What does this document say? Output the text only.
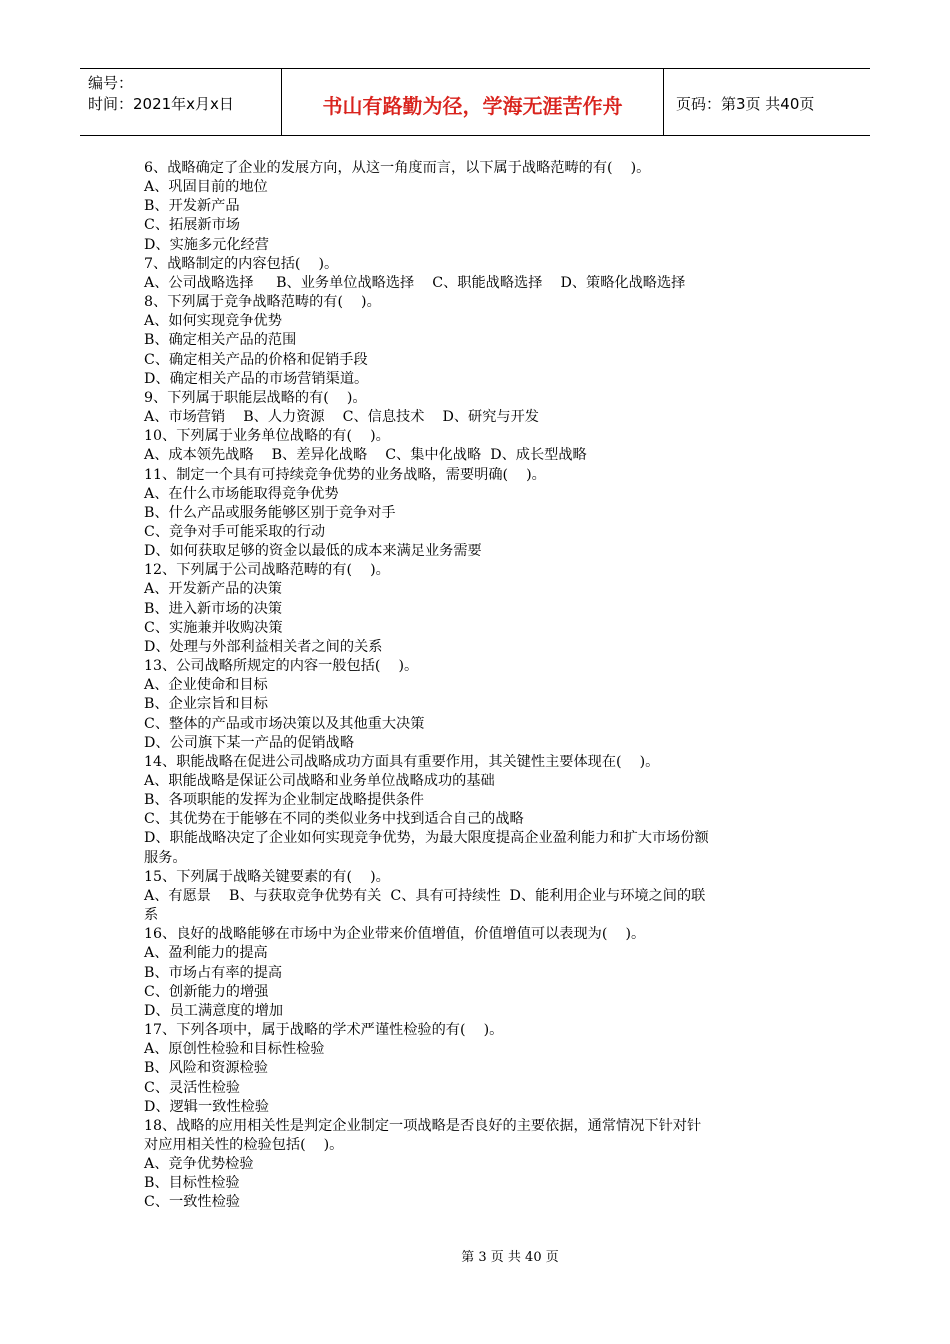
编号：
时间：2021年x月x日	书山有路勤为径，学海无涯苦作舟	页码：第3页 共40页
6、战略确定了企业的发展方向，从这一角度而言，以下属于战略范畴的有(    )。
A、巩固目前的地位
B、开发新产品
C、拓展新市场
D、实施多元化经营
7、战略制定的内容包括(    )。
A、公司战略选择     B、业务单位战略选择    C、职能战略选择    D、策略化战略选择
8、下列属于竞争战略范畴的有(    )。
A、如何实现竞争优势
B、确定相关产品的范围
C、确定相关产品的价格和促销手段
D、确定相关产品的市场营销渠道。
9、下列属于职能层战略的有(    )。
A、市场营销    B、人力资源    C、信息技术    D、研究与开发
10、下列属于业务单位战略的有(    )。
A、成本领先战略    B、差异化战略    C、集中化战略  D、成长型战略
11、制定一个具有可持续竞争优势的业务战略，需要明确(    )。
A、在什么市场能取得竞争优势
B、什么产品或服务能够区别于竞争对手
C、竞争对手可能采取的行动
D、如何获取足够的资金以最低的成本来满足业务需要
12、下列属于公司战略范畴的有(    )。
A、开发新产品的决策
B、进入新市场的决策
C、实施兼并收购决策
D、处理与外部利益相关者之间的关系
13、公司战略所规定的内容一般包括(    )。
A、企业使命和目标
B、企业宗旨和目标
C、整体的产品或市场决策以及其他重大决策
D、公司旗下某一产品的促销战略
14、职能战略在促进公司战略成功方面具有重要作用，其关键性主要体现在(    )。
A、职能战略是保证公司战略和业务单位战略成功的基础
B、各项职能的发挥为企业制定战略提供条件
C、其优势在于能够在不同的类似业务中找到适合自己的战略
D、职能战略决定了企业如何实现竞争优势，为最大限度提高企业盈利能力和扩大市场份额
服务。
15、下列属于战略关键要素的有(    )。
A、有愿景    B、与获取竞争优势有关  C、具有可持续性  D、能利用企业与环境之间的联
系
16、良好的战略能够在市场中为企业带来价值增值，价值增值可以表现为(    )。
A、盈利能力的提高
B、市场占有率的提高
C、创新能力的增强
D、员工满意度的增加
17、下列各项中，属于战略的学术严谨性检验的有(    )。
A、原创性检验和目标性检验
B、风险和资源检验
C、灵活性检验
D、逻辑一致性检验
18、战略的应用相关性是判定企业制定一项战略是否良好的主要依据，通常情况下针对针
对应用相关性的检验包括(    )。
A、竞争优势检验
B、目标性检验
C、一致性检验
第 3 页 共 40 页
